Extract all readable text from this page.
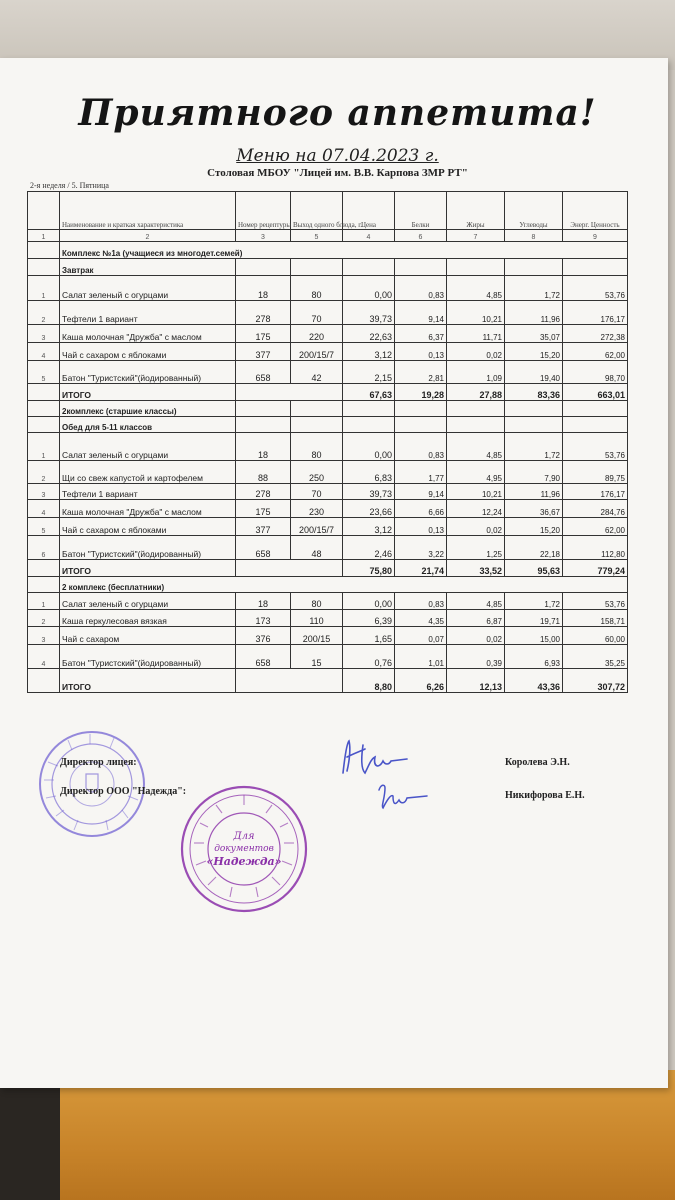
Приятного аппетита!
Меню на 07.04.2023 г.
Столовая МБОУ "Лицей им. В.В. Карпова ЗМР РТ"
2-я неделя / 5. Пятница
	Наименование и краткая характеристика	Номер рецептуры	Выход одного блюда, г.	Цена	Белки	Жиры	Углеводы	Энерг. Ценность
1	2	3	5	4	6	7	8	9
	Комплекс №1а (учащиеся из многодет.семей)							
	Завтрак							
1	Салат зеленый с огурцами	18	80	0,00	0,83	4,85	1,72	53,76
2	Тефтели 1 вариант	278	70	39,73	9,14	10,21	11,96	176,17
3	Каша молочная "Дружба" с маслом	175	220	22,63	6,37	11,71	35,07	272,38
4	Чай с сахаром с яблоками	377	200/15/7	3,12	0,13	0,02	15,20	62,00
5	Батон "Туристский"(йодированный)	658	42	2,15	2,81	1,09	19,40	98,70
	ИТОГО			67,63	19,28	27,88	83,36	663,01
	2комплекс (старшие классы)							
	Обед для 5-11 классов							
1	Салат зеленый с огурцами	18	80	0,00	0,83	4,85	1,72	53,76
2	Щи со свеж капустой и картофелем	88	250	6,83	1,77	4,95	7,90	89,75
3	Тефтели 1 вариант	278	70	39,73	9,14	10,21	11,96	176,17
4	Каша молочная "Дружба" с маслом	175	230	23,66	6,66	12,24	36,67	284,76
5	Чай с сахаром с яблоками	377	200/15/7	3,12	0,13	0,02	15,20	62,00
6	Батон "Туристский"(йодированный)	658	48	2,46	3,22	1,25	22,18	112,80
	ИТОГО			75,80	21,74	33,52	95,63	779,24
	2 комплекс (бесплатники)							
1	Салат зеленый с огурцами	18	80	0,00	0,83	4,85	1,72	53,76
2	Каша геркулесовая вязкая	173	110	6,39	4,35	6,87	19,71	158,71
3	Чай с сахаром	376	200/15	1,65	0,07	0,02	15,00	60,00
4	Батон "Туристский"(йодированный)	658	15	0,76	1,01	0,39	6,93	35,25
	ИТОГО			8,80	6,26	12,13	43,36	307,72
Директор лицея:	Королева Э.Н.
Директор ООО "Надежда":	Никифорова Е.Н.
Для
документов
«Надежда»
